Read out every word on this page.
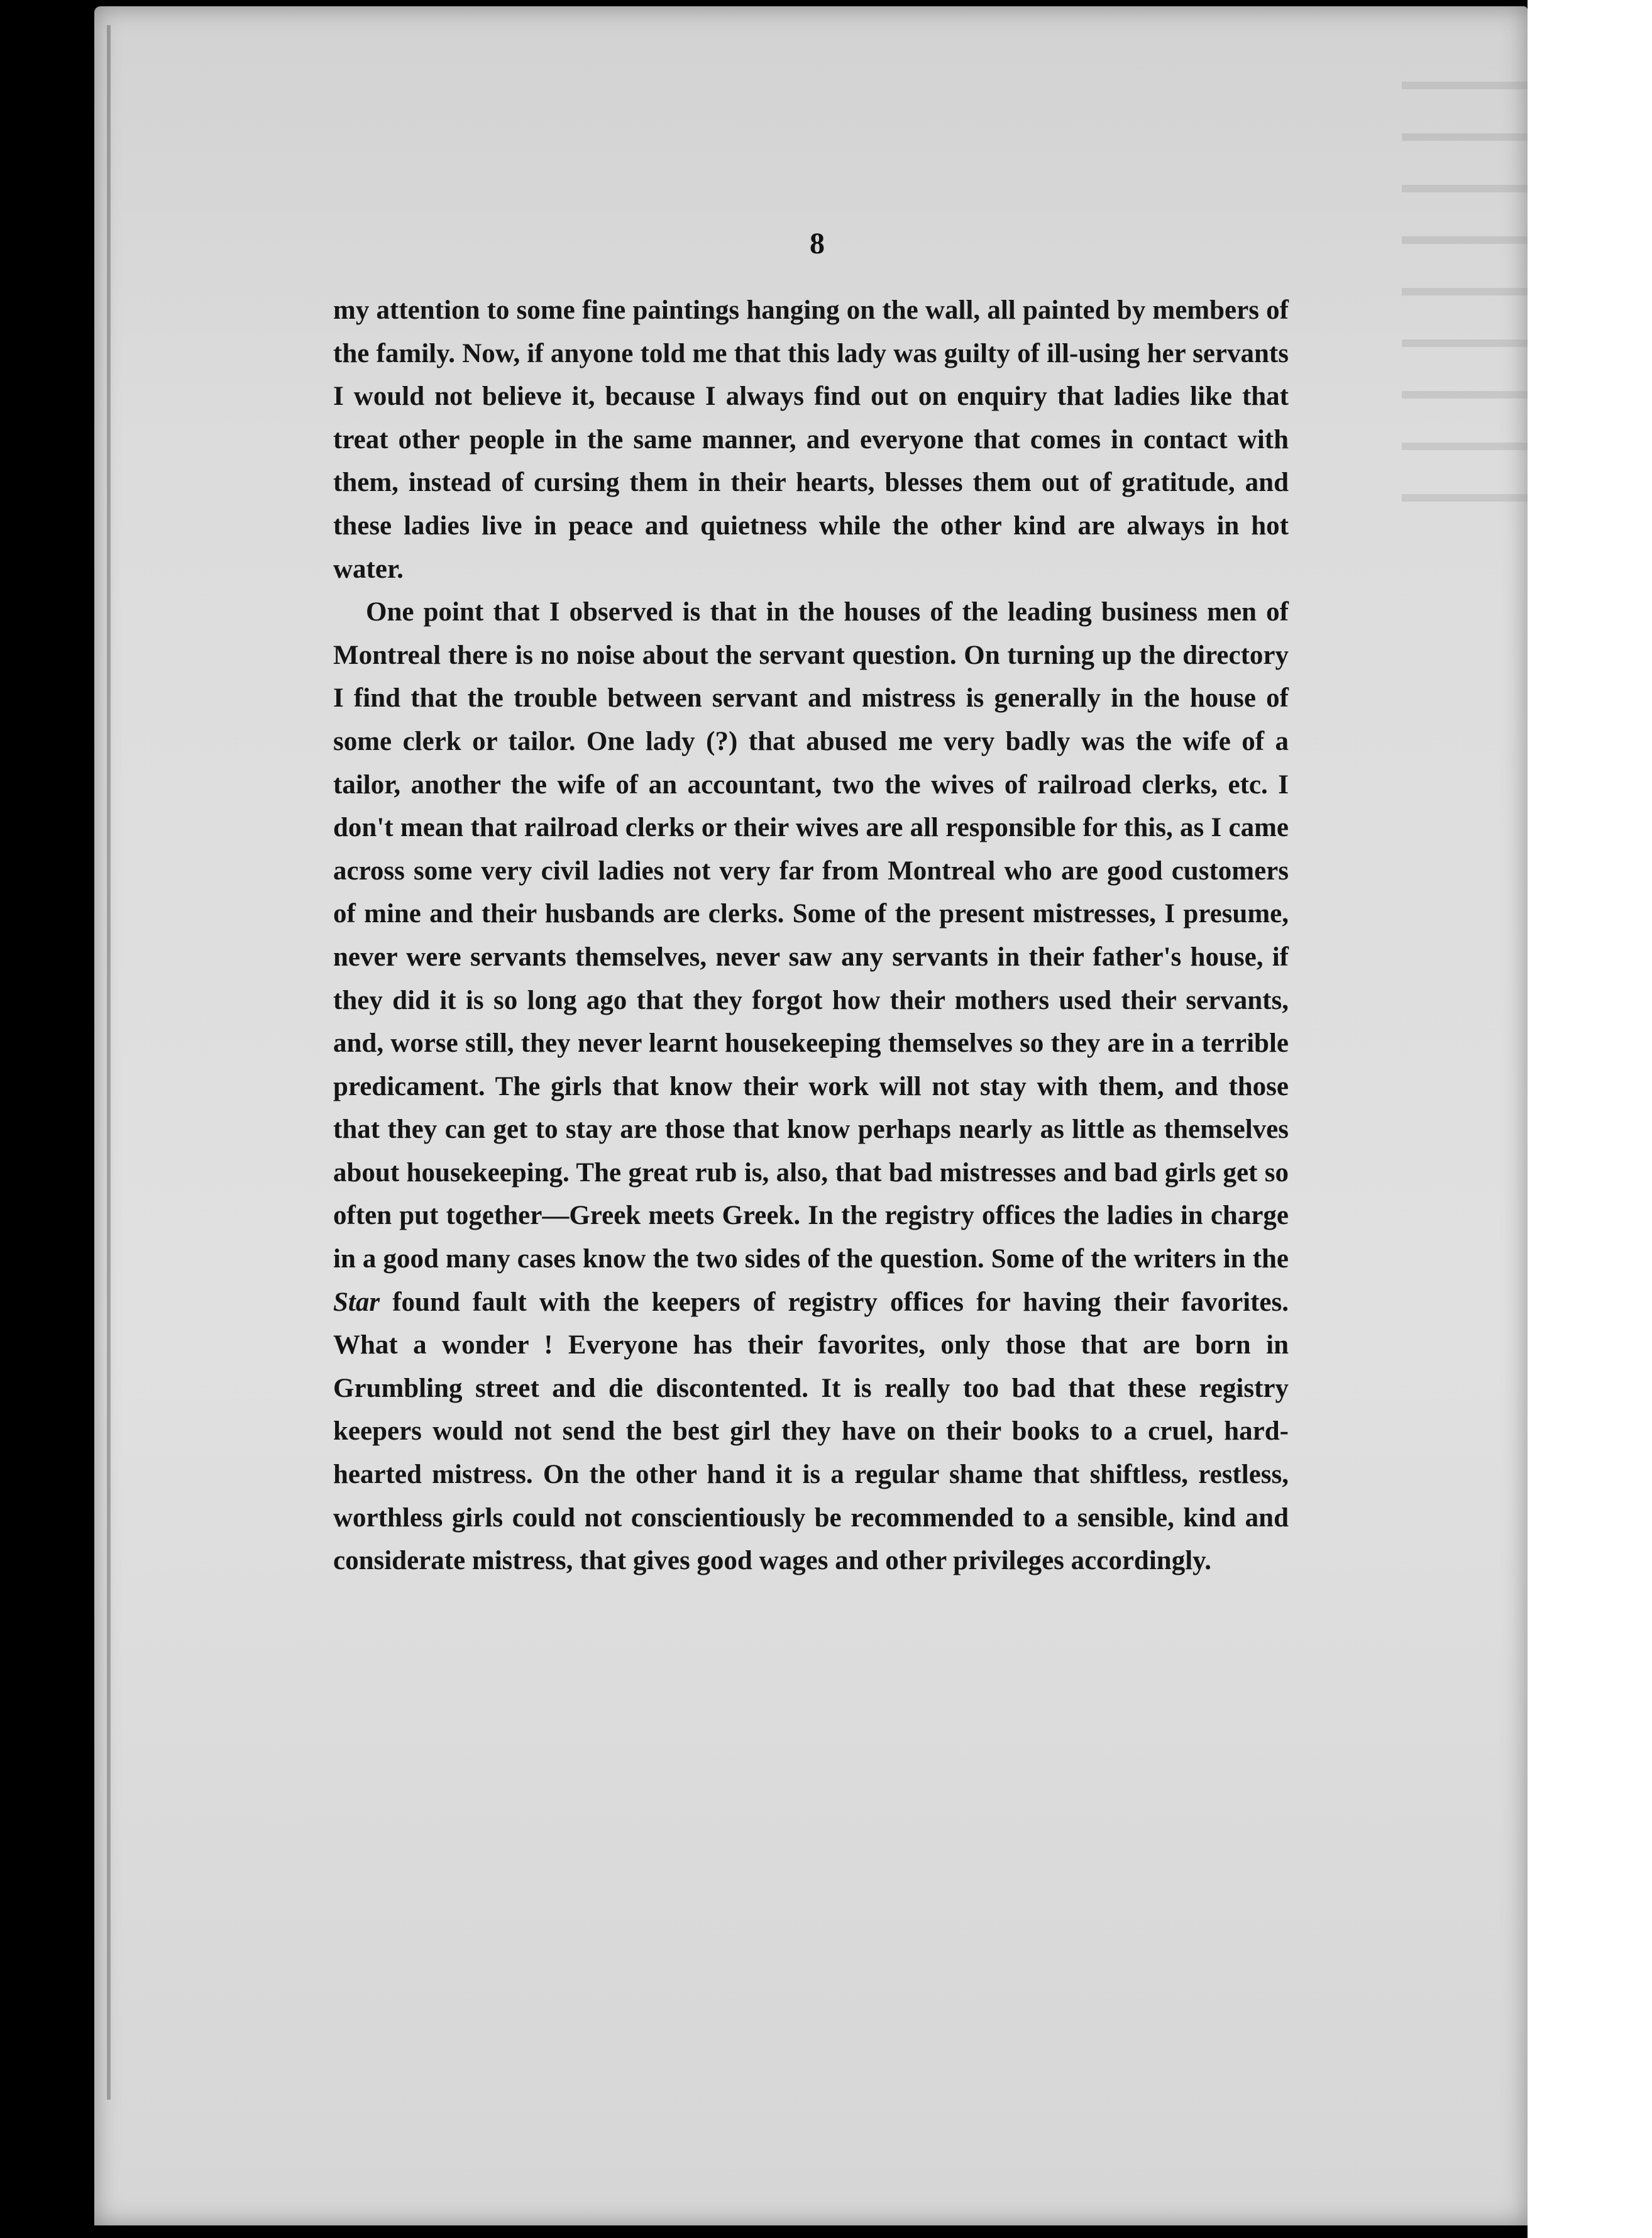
8

my attention to some fine paintings hanging on the wall, all painted by members of the family. Now, if anyone told me that this lady was guilty of ill-using her servants I would not believe it, because I always find out on enquiry that ladies like that treat other people in the same manner, and everyone that comes in contact with them, instead of cursing them in their hearts, blesses them out of gratitude, and these ladies live in peace and quietness while the other kind are always in hot water.

One point that I observed is that in the houses of the leading business men of Montreal there is no noise about the servant question. On turning up the directory I find that the trouble between servant and mistress is generally in the house of some clerk or tailor. One lady (?) that abused me very badly was the wife of a tailor, another the wife of an accountant, two the wives of railroad clerks, etc. I don't mean that railroad clerks or their wives are all responsible for this, as I came across some very civil ladies not very far from Montreal who are good customers of mine and their husbands are clerks. Some of the present mistresses, I presume, never were servants themselves, never saw any servants in their father's house, if they did it is so long ago that they forgot how their mothers used their servants, and, worse still, they never learnt housekeeping themselves so they are in a terrible predicament. The girls that know their work will not stay with them, and those that they can get to stay are those that know perhaps nearly as little as themselves about housekeeping. The great rub is, also, that bad mistresses and bad girls get so often put together—Greek meets Greek. In the registry offices the ladies in charge in a good many cases know the two sides of the question. Some of the writers in the Star found fault with the keepers of registry offices for having their favorites. What a wonder ! Everyone has their favorites, only those that are born in Grumbling street and die discontented. It is really too bad that these registry keepers would not send the best girl they have on their books to a cruel, hard-hearted mistress. On the other hand it is a regular shame that shiftless, restless, worthless girls could not conscientiously be recommended to a sensible, kind and considerate mistress, that gives good wages and other privileges accordingly.
